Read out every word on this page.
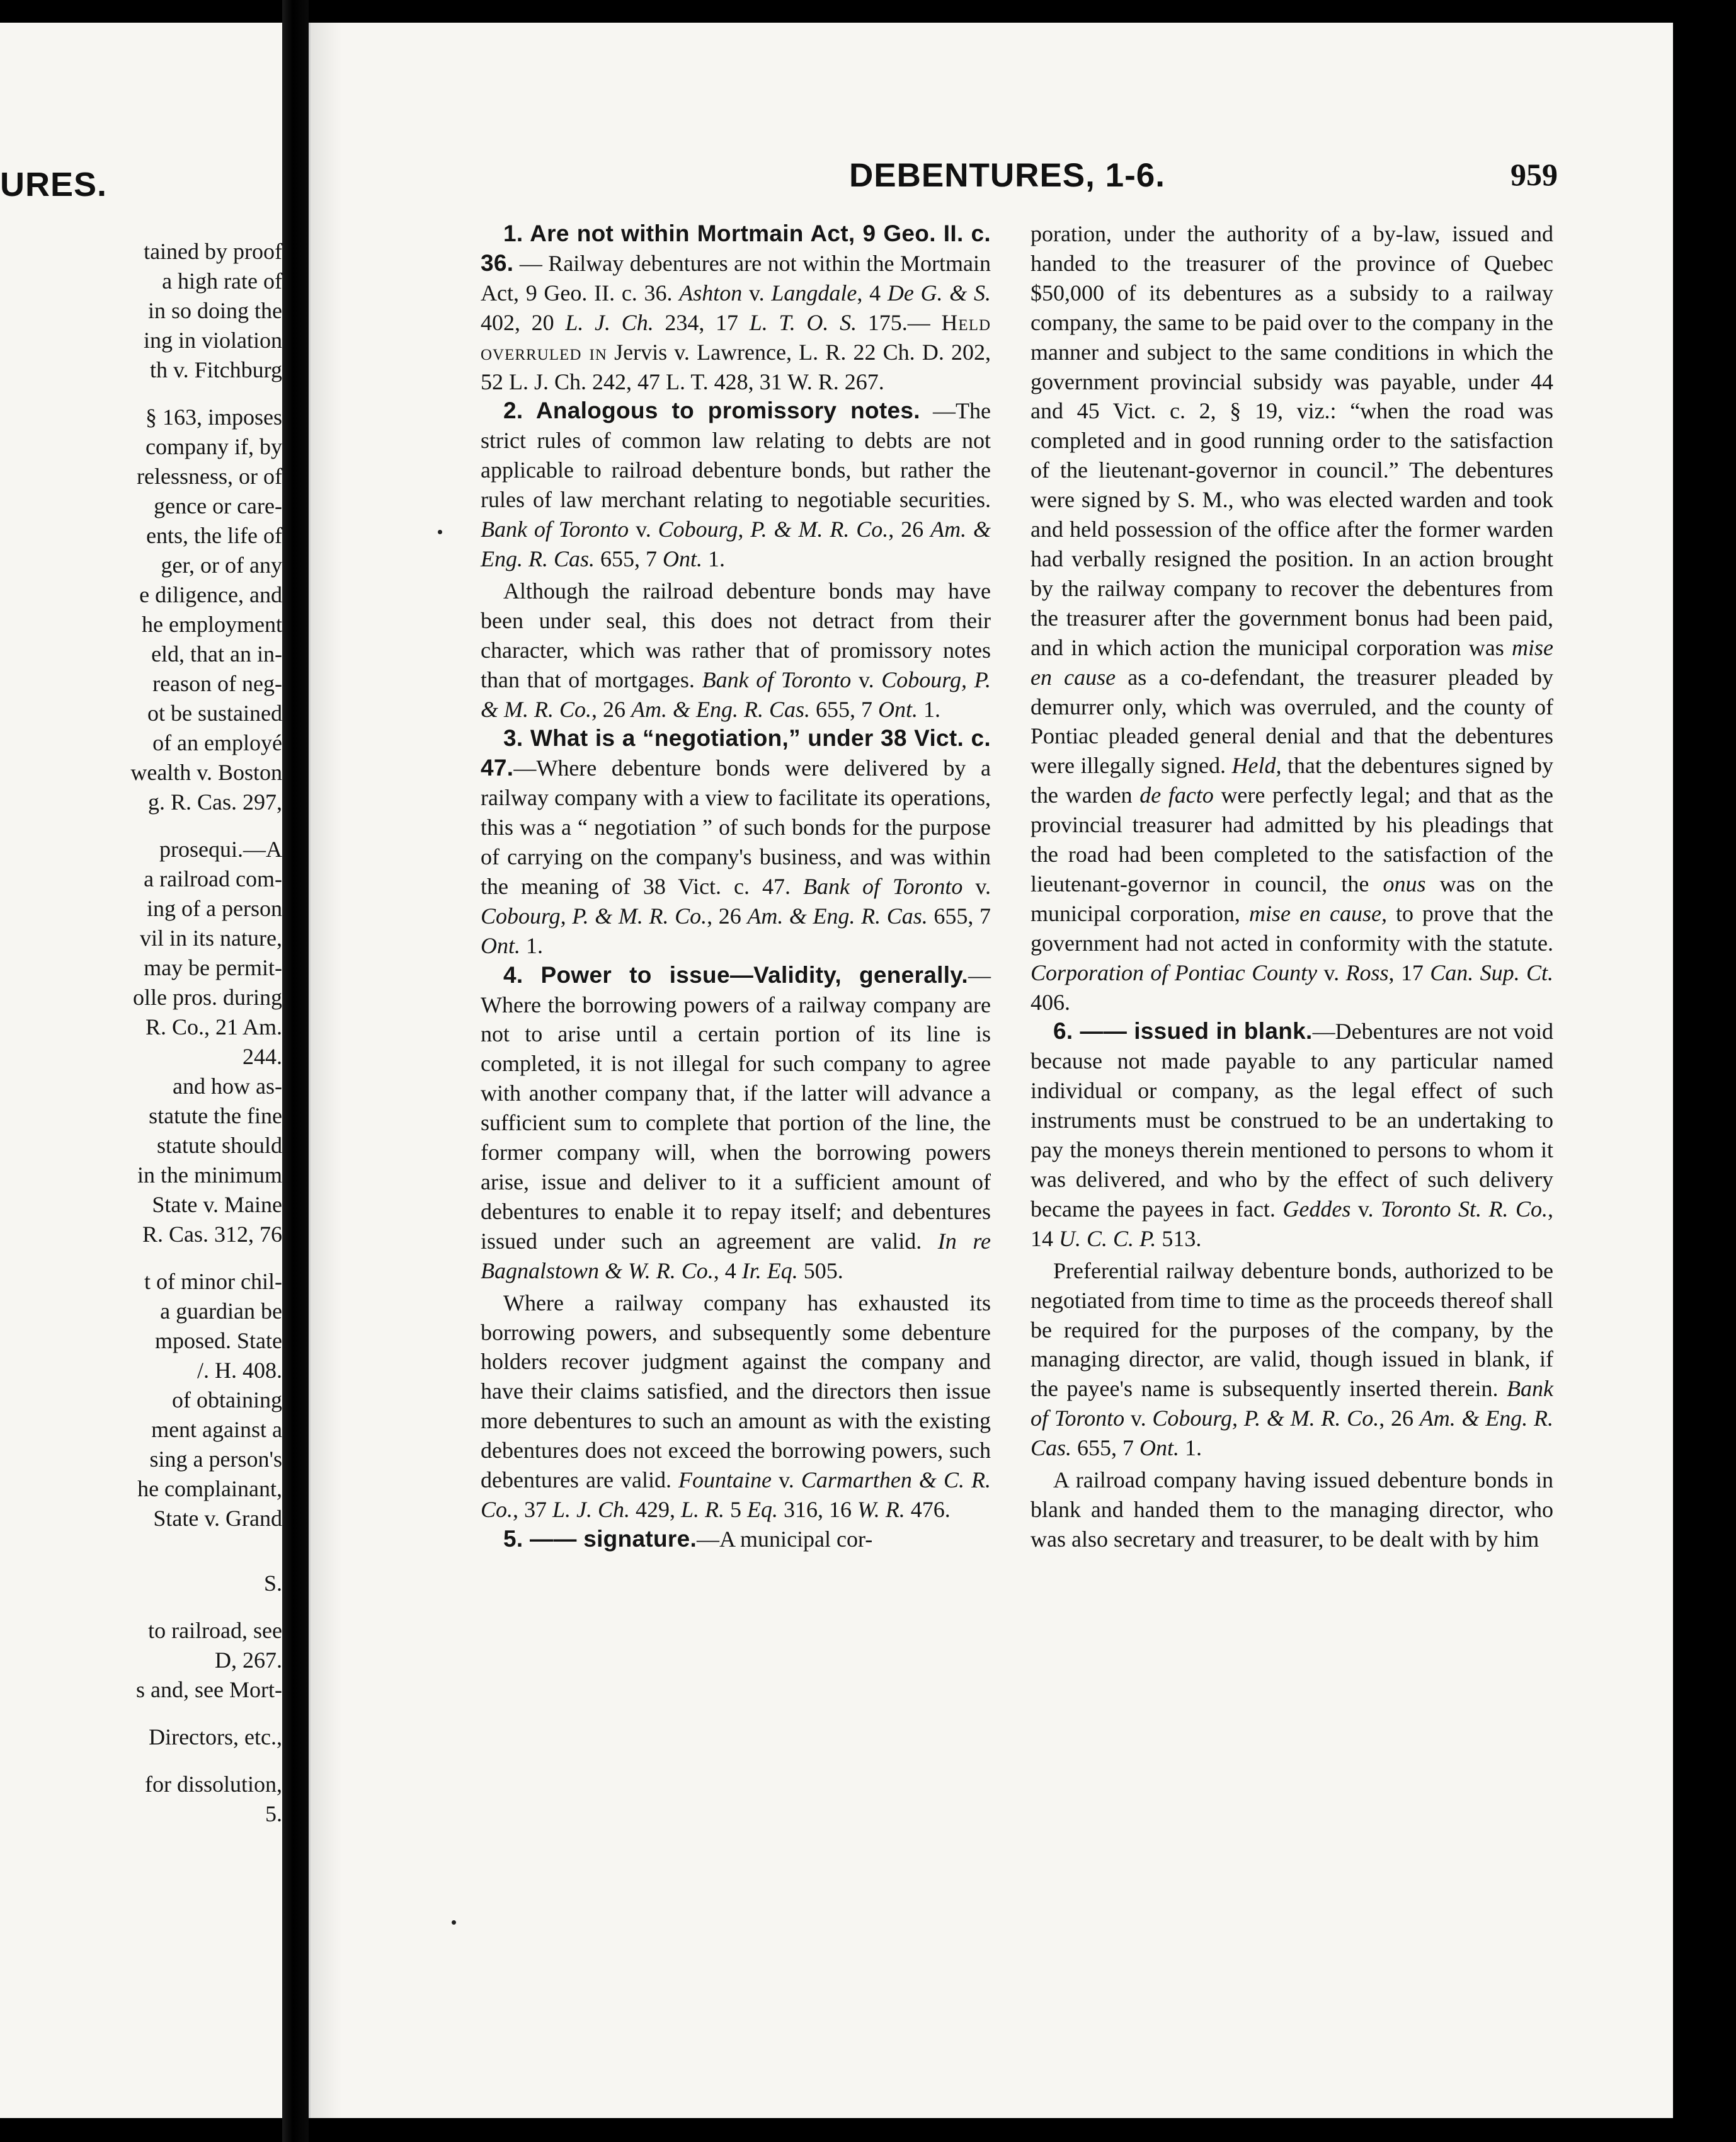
URES.
tained by proof
a high rate of
in so doing the
ing in violation
th v. Fitchburg
§ 163, imposes
company if, by
relessness, or of
gence or care-
ents, the life of
ger, or of any
e diligence, and
he employment
eld, that an in-
reason of neg-
ot be sustained
of an employé
wealth v. Boston
g. R. Cas. 297,
prosequi.—A
a railroad com-
ing of a person
vil in its nature,
may be permit-
olle pros. during
R. Co., 21 Am.
244.
and how as-
statute the fine
statute should
in the minimum
State v. Maine
R. Cas. 312, 76
t of minor chil-
a guardian be
mposed. State
/. H. 408.
of obtaining
ment against a
sing a person's
he complainant,
State v. Grand
S.
to railroad, see
D, 267.
s and, see Mort-
Directors, etc.,
for dissolution,
5.
DEBENTURES, 1-6.	959

1. Are not within Mortmain Act, 9 Geo. II. c. 36. — Railway debentures are not within the Mortmain Act, 9 Geo. II. c. 36. Ashton v. Langdale, 4 De G. & S. 402, 20 L. J. Ch. 234, 17 L. T. O. S. 175.— Held overruled in Jervis v. Lawrence, L. R. 22 Ch. D. 202, 52 L. J. Ch. 242, 47 L. T. 428, 31 W. R. 267.

2. Analogous to promissory notes. —The strict rules of common law relating to debts are not applicable to railroad debenture bonds, but rather the rules of law merchant relating to negotiable securities. Bank of Toronto v. Cobourg, P. & M. R. Co., 26 Am. & Eng. R. Cas. 655, 7 Ont. 1.

Although the railroad debenture bonds may have been under seal, this does not detract from their character, which was rather that of promissory notes than that of mortgages. Bank of Toronto v. Cobourg, P. & M. R. Co., 26 Am. & Eng. R. Cas. 655, 7 Ont. 1.

3. What is a “negotiation,” under 38 Vict. c. 47.—Where debenture bonds were delivered by a railway company with a view to facilitate its operations, this was a “ negotiation ” of such bonds for the purpose of carrying on the company's business, and was within the meaning of 38 Vict. c. 47. Bank of Toronto v. Cobourg, P. & M. R. Co., 26 Am. & Eng. R. Cas. 655, 7 Ont. 1.

4. Power to issue—Validity, generally.—Where the borrowing powers of a railway company are not to arise until a certain portion of its line is completed, it is not illegal for such company to agree with another company that, if the latter will advance a sufficient sum to complete that portion of the line, the former company will, when the borrowing powers arise, issue and deliver to it a sufficient amount of debentures to enable it to repay itself; and debentures issued under such an agreement are valid. In re Bagnalstown & W. R. Co., 4 Ir. Eq. 505.

Where a railway company has exhausted its borrowing powers, and subsequently some debenture holders recover judgment against the company and have their claims satisfied, and the directors then issue more debentures to such an amount as with the existing debentures does not exceed the borrowing powers, such debentures are valid. Fountaine v. Carmarthen & C. R. Co., 37 L. J. Ch. 429, L. R. 5 Eq. 316, 16 W. R. 476.

5. —— signature.—A municipal cor-

poration, under the authority of a by-law, issued and handed to the treasurer of the province of Quebec $50,000 of its debentures as a subsidy to a railway company, the same to be paid over to the company in the manner and subject to the same conditions in which the government provincial subsidy was payable, under 44 and 45 Vict. c. 2, § 19, viz.: “when the road was completed and in good running order to the satisfaction of the lieutenant-governor in council.” The debentures were signed by S. M., who was elected warden and took and held possession of the office after the former warden had verbally resigned the position. In an action brought by the railway company to recover the debentures from the treasurer after the government bonus had been paid, and in which action the municipal corporation was mise en cause as a co-defendant, the treasurer pleaded by demurrer only, which was overruled, and the county of Pontiac pleaded general denial and that the debentures were illegally signed. Held, that the debentures signed by the warden de facto were perfectly legal; and that as the provincial treasurer had admitted by his pleadings that the road had been completed to the satisfaction of the lieutenant-governor in council, the onus was on the municipal corporation, mise en cause, to prove that the government had not acted in conformity with the statute. Corporation of Pontiac County v. Ross, 17 Can. Sup. Ct. 406.

6. —— issued in blank.—Debentures are not void because not made payable to any particular named individual or company, as the legal effect of such instruments must be construed to be an undertaking to pay the moneys therein mentioned to persons to whom it was delivered, and who by the effect of such delivery became the payees in fact. Geddes v. Toronto St. R. Co., 14 U. C. C. P. 513.

Preferential railway debenture bonds, authorized to be negotiated from time to time as the proceeds thereof shall be required for the purposes of the company, by the managing director, are valid, though issued in blank, if the payee's name is subsequently inserted therein. Bank of Toronto v. Cobourg, P. & M. R. Co., 26 Am. & Eng. R. Cas. 655, 7 Ont. 1.

A railroad company having issued debenture bonds in blank and handed them to the managing director, who was also secretary and treasurer, to be dealt with by him
